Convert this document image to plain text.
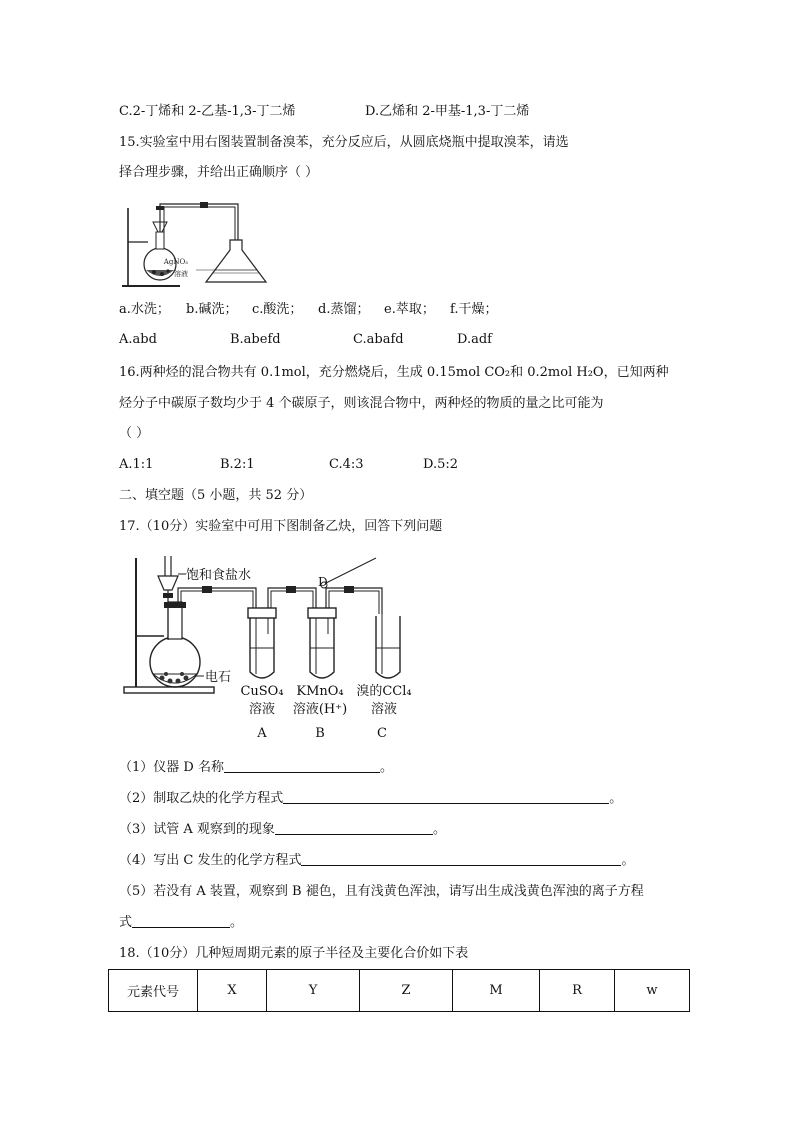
C.2-丁烯和 2-乙基-1,3-丁二烯	D.乙烯和 2-甲基-1,3-丁二烯
15.实验室中用右图装置制备溴苯，充分反应后，从圆底烧瓶中提取溴苯，请选
择合理步骤，并给出正确顺序（ ）
AgNO₃
溶液
a.水洗； b.碱洗； c.酸洗； d.蒸馏； e.萃取； f.干燥；
A.abd	B.abefd	C.abafd	D.adf
16.两种烃的混合物共有 0.1mol，充分燃烧后，生成 0.15mol CO₂和 0.2mol H₂O，已知两种
烃分子中碳原子数均少于 4 个碳原子，则该混合物中，两种烃的物质的量之比可能为
（ ）
A.1:1	B.2:1	C.4:3	D.5:2
二、填空题（5 小题，共 52 分）
17.（10分）实验室中可用下图制备乙炔，回答下列问题
电石
饱和食盐水	D
CuSO₄
溶液
KMnO₄
溶液(H⁺)
溴的CCl₄
溶液
A	B	C
（1）仪器 D 名称	。
（2）制取乙炔的化学方程式	。
（3）试管 A 观察到的现象	。
（4）写出 C 发生的化学方程式	。
（5）若没有 A 装置，观察到 B 褪色，且有浅黄色浑浊，请写出生成浅黄色浑浊的离子方程
式	。
18.（10分）几种短周期元素的原子半径及主要化合价如下表
元素代号	X	Y	Z	M	R	w
